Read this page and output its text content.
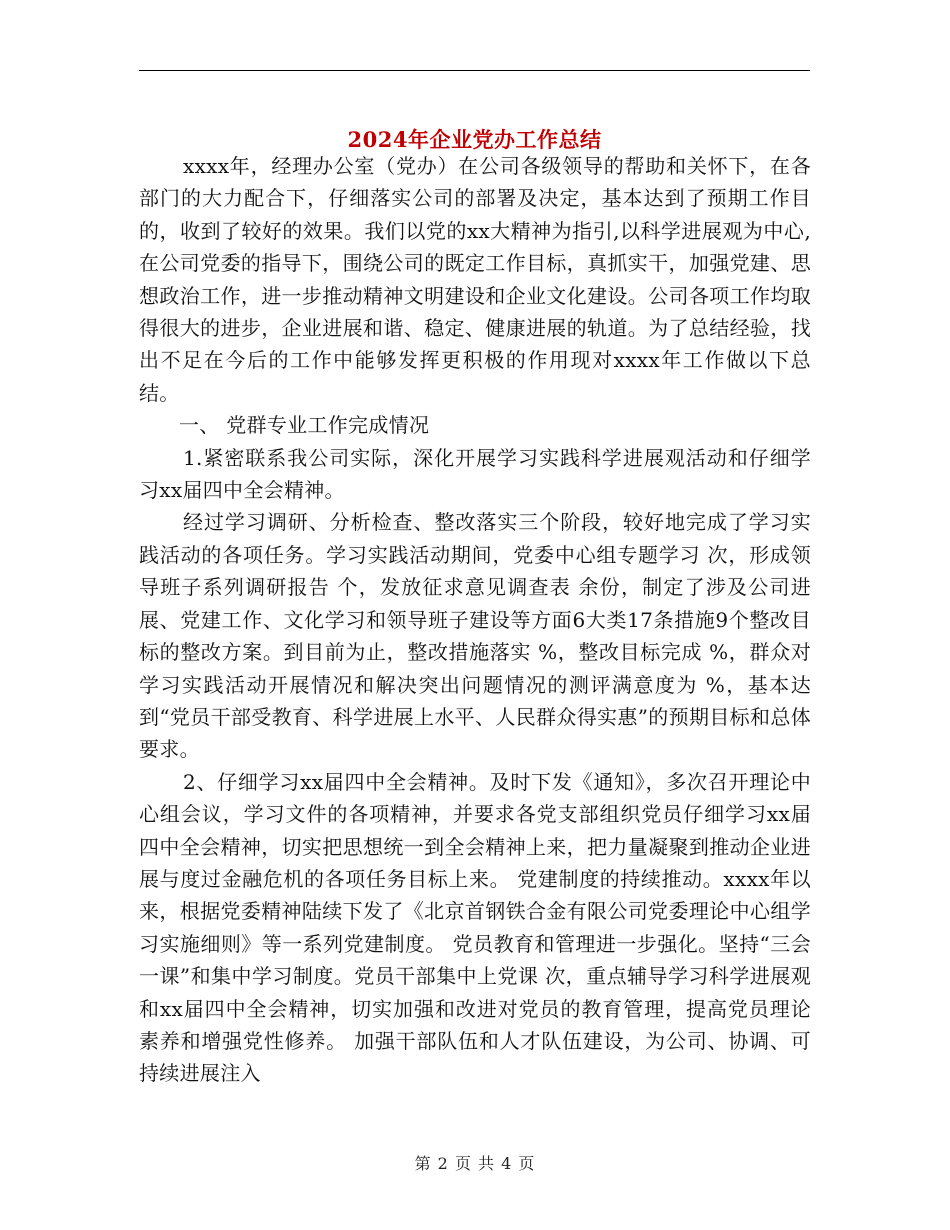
2024年企业党办工作总结

xxxx年，经理办公室（党办）在公司各级领导的帮助和关怀下，在各部门的大力配合下，仔细落实公司的部署及决定，基本达到了预期工作目的，收到了较好的效果。我们以党的xx大精神为指引,以科学进展观为中心,在公司党委的指导下，围绕公司的既定工作目标，真抓实干，加强党建、思想政治工作，进一步推动精神文明建设和企业文化建设。公司各项工作均取得很大的进步，企业进展和谐、稳定、健康进展的轨道。为了总结经验，找出不足在今后的工作中能够发挥更积极的作用现对xxxx年工作做以下总结。

一、 党群专业工作完成情况

1.紧密联系我公司实际，深化开展学习实践科学进展观活动和仔细学习xx届四中全会精神。

经过学习调研、分析检查、整改落实三个阶段，较好地完成了学习实践活动的各项任务。学习实践活动期间，党委中心组专题学习 次，形成领导班子系列调研报告 个，发放征求意见调查表 余份，制定了涉及公司进展、党建工作、文化学习和领导班子建设等方面6大类17条措施9个整改目标的整改方案。到目前为止，整改措施落实 %，整改目标完成 %，群众对学习实践活动开展情况和解决突出问题情况的测评满意度为 %，基本达到“党员干部受教育、科学进展上水平、人民群众得实惠”的预期目标和总体要求。

2、仔细学习xx届四中全会精神。及时下发《通知》，多次召开理论中心组会议，学习文件的各项精神，并要求各党支部组织党员仔细学习xx届四中全会精神，切实把思想统一到全会精神上来，把力量凝聚到推动企业进展与度过金融危机的各项任务目标上来。 党建制度的持续推动。xxxx年以来，根据党委精神陆续下发了《北京首钢铁合金有限公司党委理论中心组学习实施细则》等一系列党建制度。 党员教育和管理进一步强化。坚持“三会一课”和集中学习制度。党员干部集中上党课 次，重点辅导学习科学进展观和xx届四中全会精神，切实加强和改进对党员的教育管理，提高党员理论素养和增强党性修养。 加强干部队伍和人才队伍建设，为公司、协调、可持续进展注入

第 2 页 共 4 页
